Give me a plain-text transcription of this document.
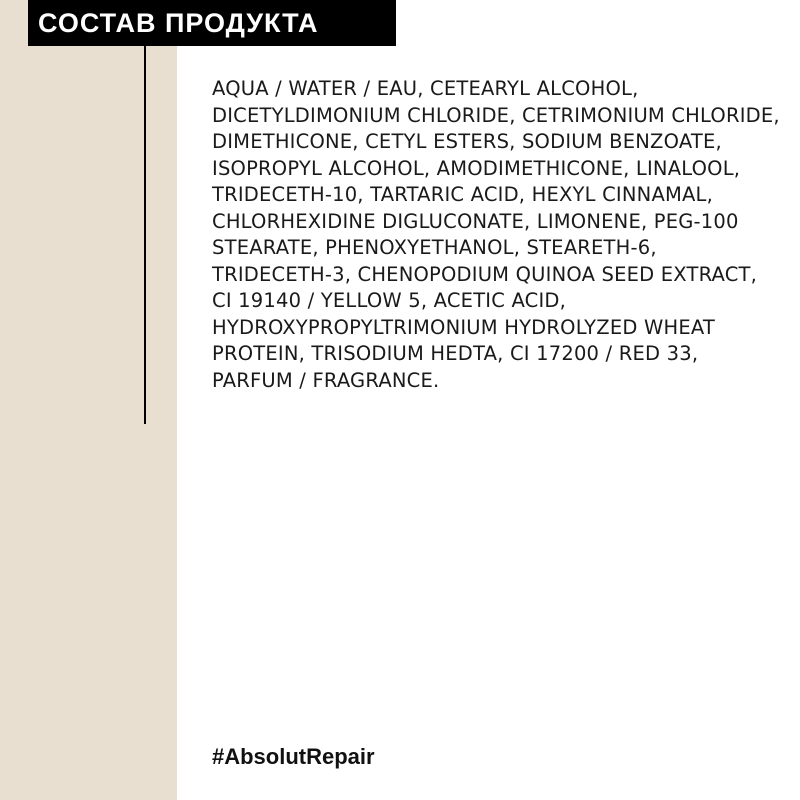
СОСТАВ ПРОДУКТА

AQUA / WATER / EAU, CETEARYL ALCOHOL, DICETYLDIMONIUM CHLORIDE, CETRIMONIUM CHLORIDE, DIMETHICONE, CETYL ESTERS, SODIUM BENZOATE, ISOPROPYL ALCOHOL, AMODIMETHICONE, LINALOOL, TRIDECETH-10, TARTARIC ACID, HEXYL CINNAMAL, CHLORHEXIDINE DIGLUCONATE, LIMONENE, PEG-100 STEARATE, PHENOXYETHANOL, STEARETH-6, TRIDECETH-3, CHENOPODIUM QUINOA SEED EXTRACT, CI 19140 / YELLOW 5, ACETIC ACID, HYDROXYPROPYLTRIMONIUM HYDROLYZED WHEAT PROTEIN, TRISODIUM HEDTA, CI 17200 / RED 33, PARFUM / FRAGRANCE.

#AbsolutRepair
